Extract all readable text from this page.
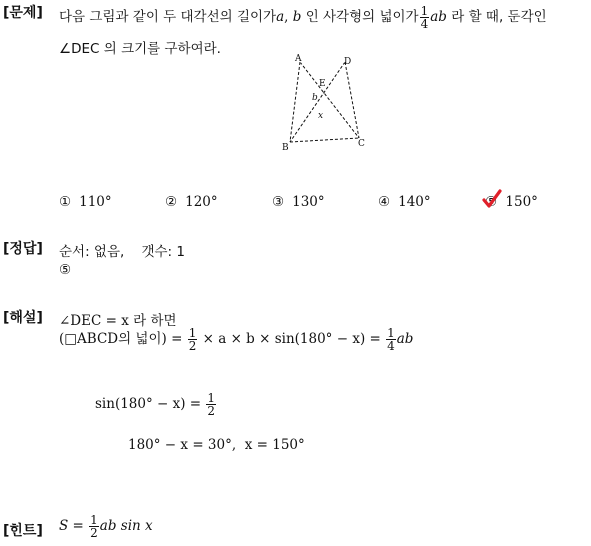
[문제] 다음 그림과 같이 두 대각선의 길이가a, b 인 사각형의 넓이가 $\frac{1}{4}$ ab 라 할 때, 둔각인
∠DEC 의 크기를 구하여라.
A	D
E
b
x
B	C
① 110°	② 120°	③ 130°	④ 140°	⑤ 150°
[정답] 순서: 없음,    갯수: 1
⑤
[해설] ∠DEC = x 라 하면
(□ABCD의 넓이) = $\frac{1}{2} \times a \times b \times \sin(180^\circ - x) = \frac{1}{4}$ ab
$\sin(180^\circ - x) = \frac{1}{2}$
180° − x = 30°,  x = 150°
[힌트] $S = \frac{1}{2}$ ab sin x
